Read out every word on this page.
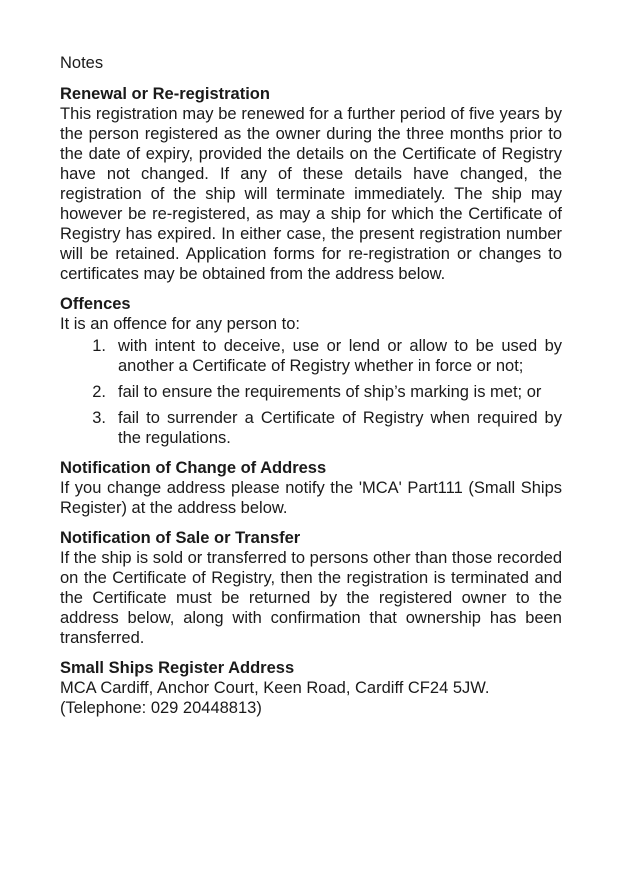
Notes
Renewal or Re-registration
This registration may be renewed for a further period of five years by the person registered as the owner during the three months prior to the date of expiry, provided the details on the Certificate of Registry have not changed. If any of these details have changed, the registration of the ship will terminate immediately. The ship may however be re-registered, as may a ship for which the Certificate of Registry has expired. In either case, the present registration number will be retained. Application forms for re-registration or changes to certificates may be obtained from the address below.
Offences
It is an offence for any person to:
1. with intent to deceive, use or lend or allow to be used by another a Certificate of Registry whether in force or not;
2. fail to ensure the requirements of ship’s marking is met; or
3. fail to surrender a Certificate of Registry when required by the regulations.
Notification of Change of Address
If you change address please notify the 'MCA' Part111 (Small Ships Register) at the address below.
Notification of Sale or Transfer
If the ship is sold or transferred to persons other than those recorded on the Certificate of Registry, then the registration is terminated and the Certificate must be returned by the registered owner to the address below, along with confirmation that ownership has been transferred.
Small Ships Register Address
MCA Cardiff, Anchor Court, Keen Road, Cardiff CF24 5JW.
(Telephone: 029 20448813)
